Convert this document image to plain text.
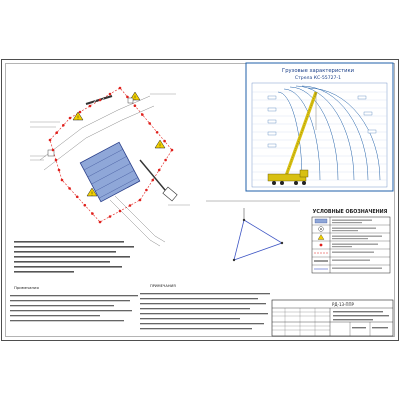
!
!
!
!
Грузовые характеристики
Стрела КС-55727-1
УСЛОВНЫЕ ОБОЗНАЧЕНИЯ
Примечания	ПРИМЕЧАНИЯ
РД-13-ППР
